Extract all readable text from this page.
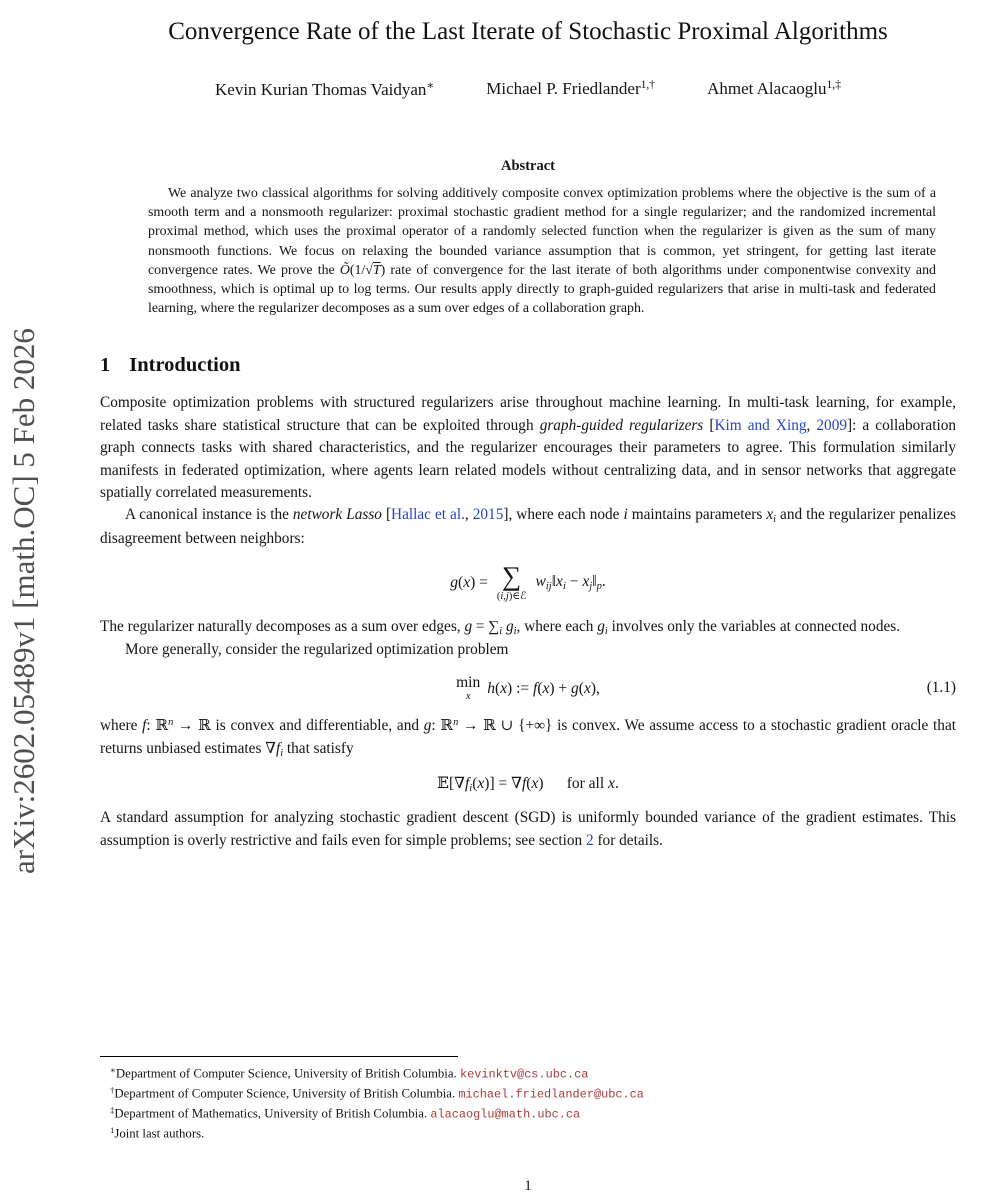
arXiv:2602.05489v1 [math.OC] 5 Feb 2026
Convergence Rate of the Last Iterate of Stochastic Proximal Algorithms
Kevin Kurian Thomas Vaidyan∗	Michael P. Friedlander$^{1,\dagger}$	Ahmet Alacaoglu$^{1,\ddagger}$
Abstract

We analyze two classical algorithms for solving additively composite convex optimization problems where the objective is the sum of a smooth term and a nonsmooth regularizer: proximal stochastic gradient method for a single regularizer; and the randomized incremental proximal method, which uses the proximal operator of a randomly selected function when the regularizer is given as the sum of many nonsmooth functions. We focus on relaxing the bounded variance assumption that is common, yet stringent, for getting last iterate convergence rates. We prove the Õ(1/√T) rate of convergence for the last iterate of both algorithms under componentwise convexity and smoothness, which is optimal up to log terms. Our results apply directly to graph-guided regularizers that arise in multi-task and federated learning, where the regularizer decomposes as a sum over edges of a collaboration graph.

1 Introduction

Composite optimization problems with structured regularizers arise throughout machine learning. In multi-task learning, for example, related tasks share statistical structure that can be exploited through graph-guided regularizers [Kim and Xing, 2009]: a collaboration graph connects tasks with shared characteristics, and the regularizer encourages their parameters to agree. This formulation similarly manifests in federated optimization, where agents learn related models without centralizing data, and in sensor networks that aggregate spatially correlated measurements.

A canonical instance is the network Lasso [Hallac et al., 2015], where each node i maintains parameters $x_i$ and the regularizer penalizes disagreement between neighbors:

g(x) = ∑
(i,j)∈ℰ
$w_{ij}‖x_i$ − $x_j‖_p$.

The regularizer naturally decomposes as a sum over edges, $g = \sum_i$ $g_i$, where each $g_i$ involves only the variables at connected nodes.

More generally, consider the regularized optimization problem

min
x h(x) := f(x) + g(x),	(1.1)

where f: ℝ$^n$ → ℝ is convex and differentiable, and g: ℝ$^n$ → ℝ ∪ {+∞} is convex. We assume access to a stochastic gradient oracle that returns unbiased estimates $\nabla f_i$ that satisfy

$𝔼[\nabla f_i(x)] = \nabla f(x)$  for all x.

A standard assumption for analyzing stochastic gradient descent (SGD) is uniformly bounded variance of the gradient estimates. This assumption is overly restrictive and fails even for simple problems; see section 2 for details.

∗Department of Computer Science, University of British Columbia. kevinktv@cs.ubc.ca

†Department of Computer Science, University of British Columbia. michael.friedlander@ubc.ca

‡Department of Mathematics, University of British Columbia. alacaoglu@math.ubc.ca

$^1$Joint last authors.

1
